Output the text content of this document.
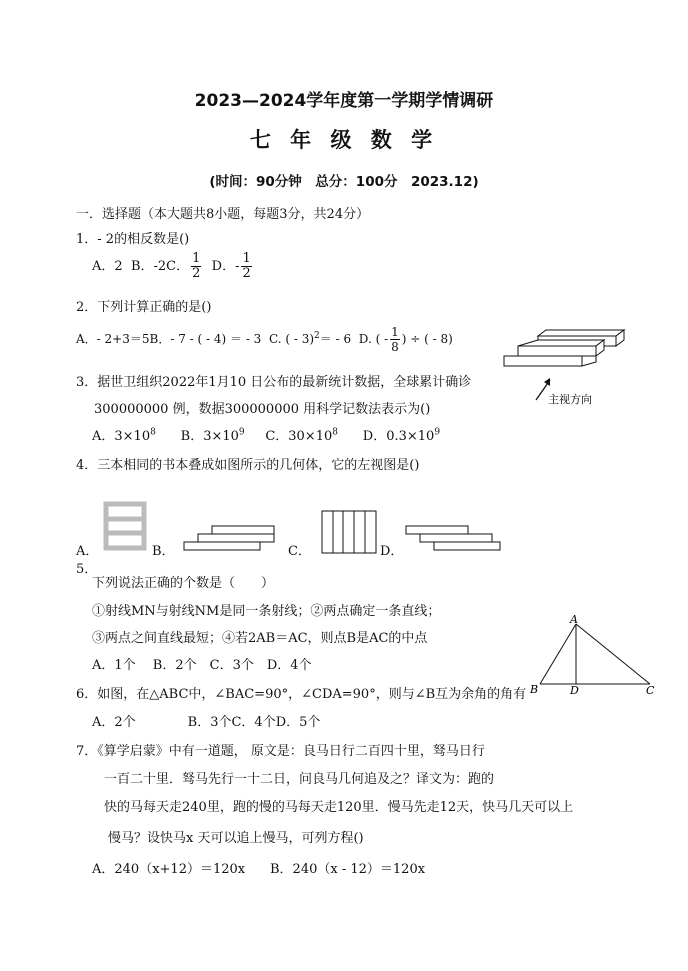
2023—2024学年度第一学期学情调研
七 年 级 数 学
(时间：90分钟　总分：100分　2023.12)
一．选择题（本大题共8小题，每题3分，共24分）
1．- 2的相反数是()
A．2 B．-2C． $\frac{1}{2}$ D．- $\frac{1}{2}$
2．下列计算正确的是()
A．- 2+3＝5B．- 7 - ( - 4) ＝ - 3 C. ( - 3)$^2$＝ - 6 D. ( - $\frac{1}{8}$ ) ÷ ( - 8)
主视方向
3．据世卫组织2022年1月10 日公布的最新统计数据，全球累计确诊
300000000 例，数据300000000 用科学记数法表示为()
A．$3\times 10^8$ B．$3\times 10^9$ C．$30\times 10^8$ D．$0.3\times 10^9$
4．三本相同的书本叠成如图所示的几何体，它的左视图是()
A．	B．	C．	D．
5．
下列说法正确的个数是（　　）
①射线MN与射线NM是同一条射线；②两点确定一条直线；
③两点之间直线最短；④若2AB＝AC，则点B是AC的中点
A．1个　 B．2个　C．3个　D．4个
A
B	C
D
6．如图，在△ABC中，∠BAC=90°，∠CDA=90°，则与∠B互为余角的角有
A．2个　　　　B．3个C．4个D．5个
7．《算学启蒙》中有一道题， 原文是：良马日行二百四十里，驽马日行
一百二十里．驽马先行一十二日，问良马几何追及之？译文为：跑的
快的马每天走240里，跑的慢的马每天走120里．慢马先走12天，快马几天可以上
慢马？设快马x 天可以追上慢马，可列方程()
A．240（x+12）＝120x B．240（x - 12）＝120x
